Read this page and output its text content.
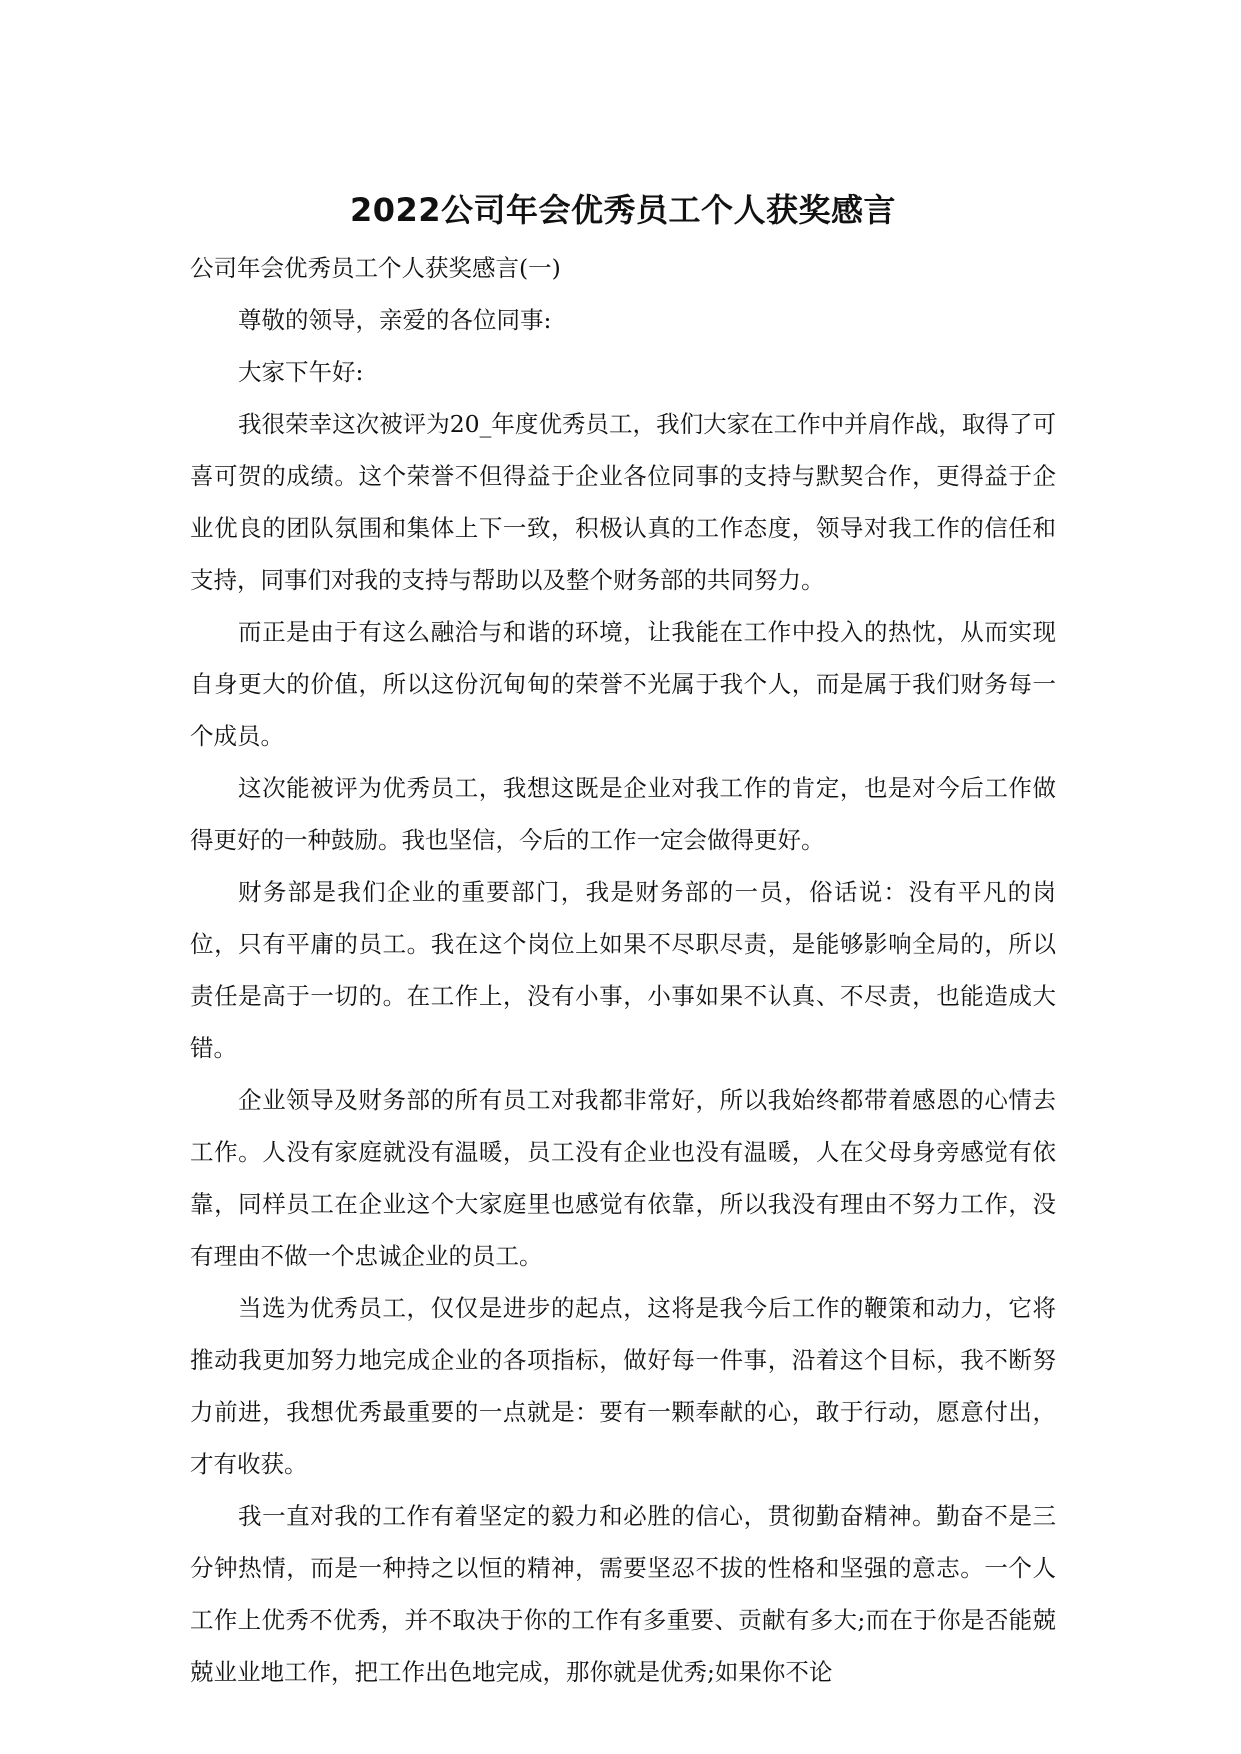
2022公司年会优秀员工个人获奖感言

公司年会优秀员工个人获奖感言(一)

尊敬的领导，亲爱的各位同事:

大家下午好:

我很荣幸这次被评为20_年度优秀员工，我们大家在工作中并肩作战，取得了可喜可贺的成绩。这个荣誉不但得益于企业各位同事的支持与默契合作，更得益于企业优良的团队氛围和集体上下一致，积极认真的工作态度，领导对我工作的信任和支持，同事们对我的支持与帮助以及整个财务部的共同努力。

而正是由于有这么融洽与和谐的环境，让我能在工作中投入的热忱，从而实现自身更大的价值，所以这份沉甸甸的荣誉不光属于我个人，而是属于我们财务每一个成员。

这次能被评为优秀员工，我想这既是企业对我工作的肯定，也是对今后工作做得更好的一种鼓励。我也坚信，今后的工作一定会做得更好。

财务部是我们企业的重要部门，我是财务部的一员，俗话说：没有平凡的岗位，只有平庸的员工。我在这个岗位上如果不尽职尽责，是能够影响全局的，所以责任是高于一切的。在工作上，没有小事，小事如果不认真、不尽责，也能造成大错。

企业领导及财务部的所有员工对我都非常好，所以我始终都带着感恩的心情去工作。人没有家庭就没有温暖，员工没有企业也没有温暖，人在父母身旁感觉有依靠，同样员工在企业这个大家庭里也感觉有依靠，所以我没有理由不努力工作，没有理由不做一个忠诚企业的员工。

当选为优秀员工，仅仅是进步的起点，这将是我今后工作的鞭策和动力，它将推动我更加努力地完成企业的各项指标，做好每一件事，沿着这个目标，我不断努力前进，我想优秀最重要的一点就是：要有一颗奉献的心，敢于行动，愿意付出，才有收获。

我一直对我的工作有着坚定的毅力和必胜的信心，贯彻勤奋精神。勤奋不是三分钟热情，而是一种持之以恒的精神，需要坚忍不拔的性格和坚强的意志。一个人工作上优秀不优秀，并不取决于你的工作有多重要、贡献有多大;而在于你是否能兢兢业业地工作，把工作出色地完成，那你就是优秀;如果你不论
